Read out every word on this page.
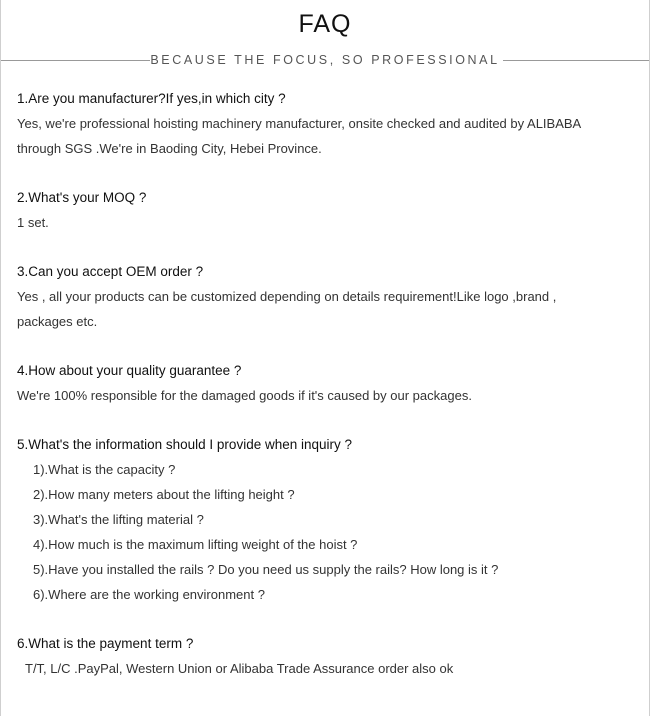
FAQ
BECAUSE THE FOCUS, SO PROFESSIONAL

1.Are you manufacturer?If yes,in which city ?

Yes, we're professional hoisting machinery manufacturer, onsite checked and audited by ALIBABA

through SGS .We're in Baoding City, Hebei Province.

2.What's your MOQ ?

1 set.

3.Can you accept OEM order ?

Yes , all your products can be customized depending on details requirement!Like logo ,brand ,

packages etc.

4.How about your quality guarantee ?

We're 100% responsible for the damaged goods if it's caused by our packages.

5.What's the information should I provide when inquiry ?

1).What is the capacity ?
2).How many meters about the lifting height ?
3).What's the lifting material ?
4).How much is the maximum lifting weight of the hoist ?
5).Have you installed the rails ? Do you need us supply the rails? How long is it ?
6).Where are the working environment ?

6.What is the payment term ?

T/T, L/C .PayPal, Western Union or Alibaba Trade Assurance order also ok
